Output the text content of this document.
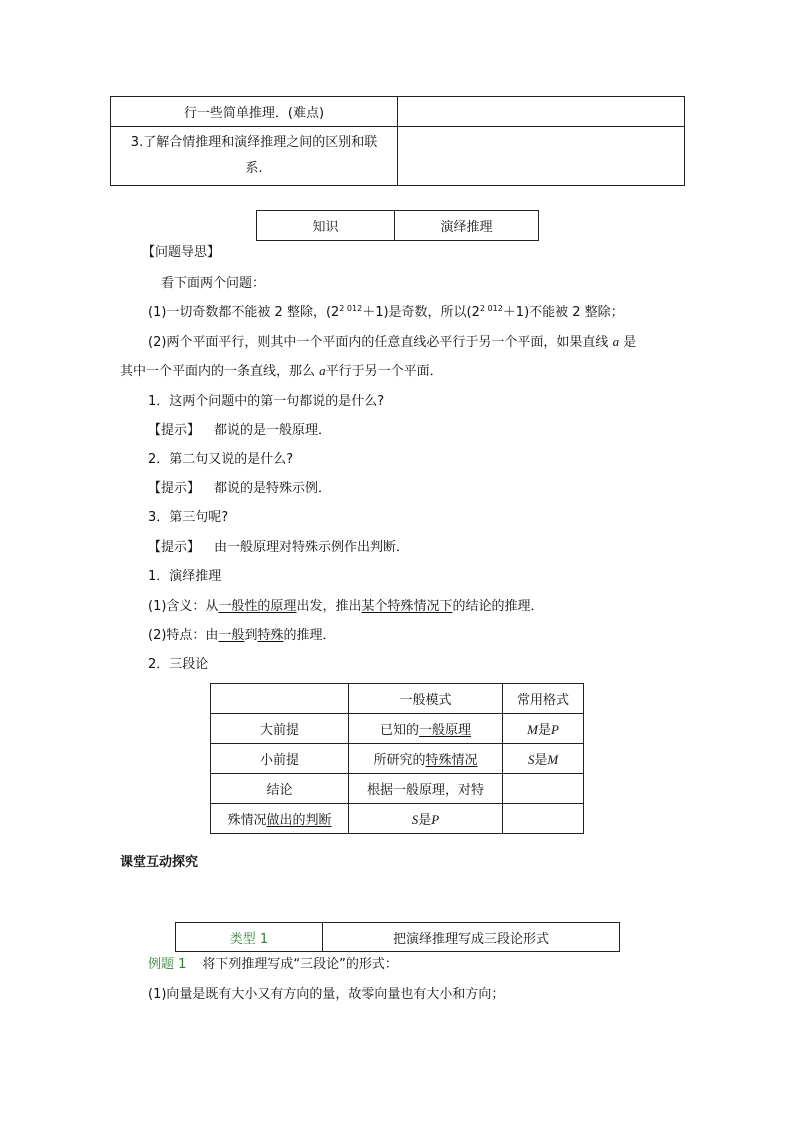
行一些简单推理．(难点)	

3.了解合情推理和演绎推理之间的区别和联
系.	

知识	演绎推理
【问题导思】
看下面两个问题：
(1)一切奇数都不能被 2 整除，$(2^{2 012}+1)$是奇数，所以$(2^{2 012}+1)$不能被 2 整除；
(2)两个平面平行，则其中一个平面内的任意直线必平行于另一个平面，如果直线 a 是
其中一个平面内的一条直线，那么 a平行于另一个平面．
1．这两个问题中的第一句都说的是什么?
【提示】 都说的是一般原理．
2．第二句又说的是什么?
【提示】 都说的是特殊示例．
3．第三句呢?
【提示】 由一般原理对特殊示例作出判断．
1．演绎推理
(1)含义：从一般性的原理出发，推出某个特殊情况下的结论的推理．
(2)特点：由一般到特殊的推理．
2．三段论
	一般模式	常用格式
大前提	已知的一般原理	M是P
小前提	所研究的特殊情况	S是M
结论	根据一般原理，对特	
殊情况做出的判断	S是P	
课堂互动探究
类型 1	把演绎推理写成三段论形式
例题 1 将下列推理写成“三段论”的形式：
(1)向量是既有大小又有方向的量，故零向量也有大小和方向；
